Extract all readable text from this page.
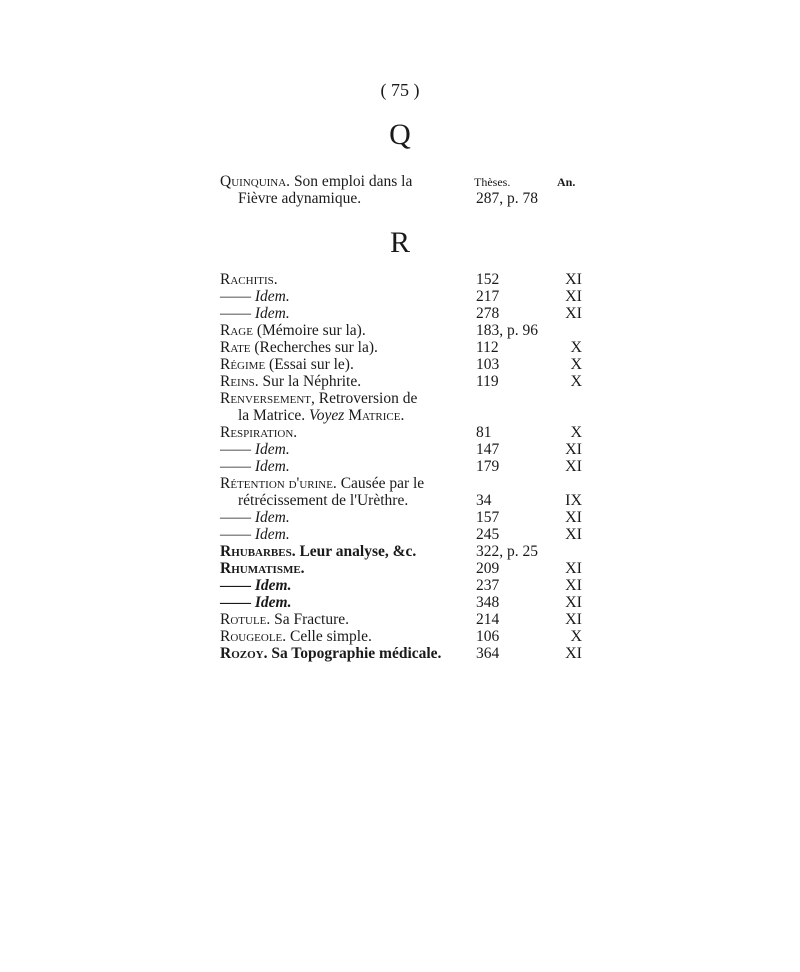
( 75 )
Q
Thèses.	An.
R
Quinquina. Son emploi dans la
Fièvre adynamique.	287, p. 78
Rachitis.	152	XI
—— Idem.	217	XI
—— Idem.	278	XI
Rage (Mémoire sur la).	183, p. 96
Rate (Recherches sur la).	112	X
Régime (Essai sur le).	103	X
Reins. Sur la Néphrite.	119	X
Renversement, Retroversion de
la Matrice. Voyez Matrice.
Respiration.	81	X
—— Idem.	147	XI
—— Idem.	179	XI
Rétention d'urine. Causée par le
rétrécissement de l'Urèthre.	34	IX
—— Idem.	157	XI
—— Idem.	245	XI
Rhubarbes. Leur analyse, &c.	322, p. 25
Rhumatisme.	209	XI
—— Idem.	237	XI
—— Idem.	348	XI
Rotule. Sa Fracture.	214	XI
Rougeole. Celle simple.	106	X
Rozoy. Sa Topographie médicale. 364	XI
